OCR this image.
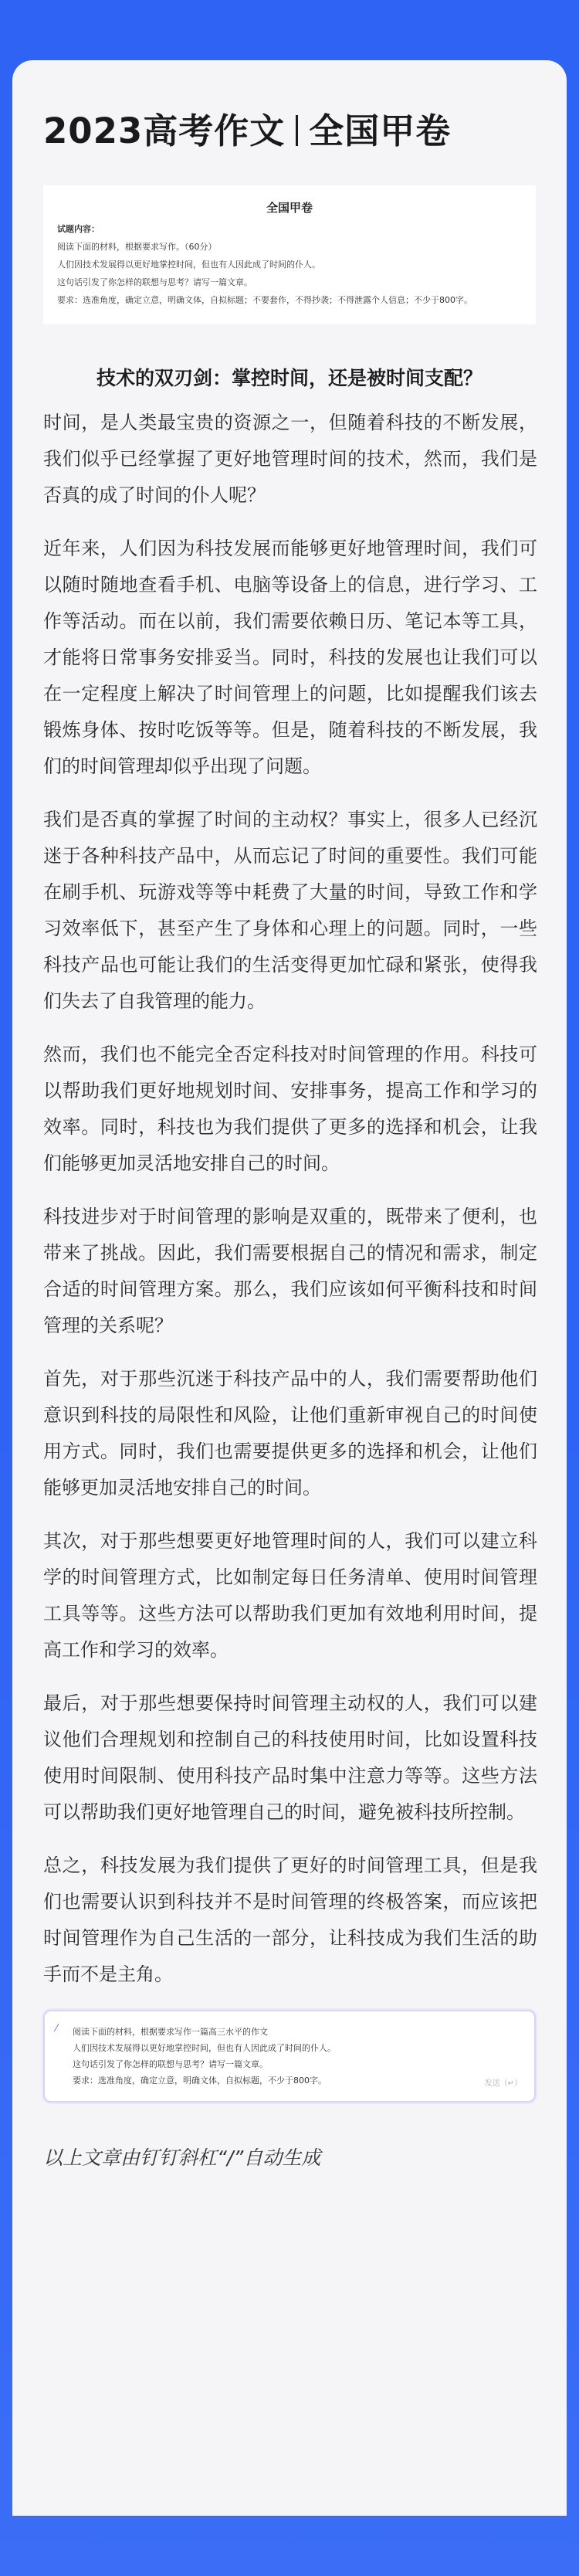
2023高考作文 全国甲卷
全国甲卷
试题内容：
阅读下面的材料，根据要求写作。（60分）
人们因技术发展得以更好地掌控时间，但也有人因此成了时间的仆人。
这句话引发了你怎样的联想与思考？请写一篇文章。
要求：选准角度，确定立意，明确文体，自拟标题；不要套作，不得抄袭；不得泄露个人信息；不少于800字。
技术的双刃剑：掌控时间，还是被时间支配？

时间，是人类最宝贵的资源之一，但随着科技的不断发展，我们似乎已经掌握了更好地管理时间的技术，然而，我们是否真的成了时间的仆人呢？

近年来，人们因为科技发展而能够更好地管理时间，我们可以随时随地查看手机、电脑等设备上的信息，进行学习、工作等活动。而在以前，我们需要依赖日历、笔记本等工具，才能将日常事务安排妥当。同时，科技的发展也让我们可以在一定程度上解决了时间管理上的问题，比如提醒我们该去锻炼身体、按时吃饭等等。但是，随着科技的不断发展，我们的时间管理却似乎出现了问题。

我们是否真的掌握了时间的主动权？事实上，很多人已经沉迷于各种科技产品中，从而忘记了时间的重要性。我们可能在刷手机、玩游戏等等中耗费了大量的时间，导致工作和学习效率低下，甚至产生了身体和心理上的问题。同时，一些科技产品也可能让我们的生活变得更加忙碌和紧张，使得我们失去了自我管理的能力。

然而，我们也不能完全否定科技对时间管理的作用。科技可以帮助我们更好地规划时间、安排事务，提高工作和学习的效率。同时，科技也为我们提供了更多的选择和机会，让我们能够更加灵活地安排自己的时间。

科技进步对于时间管理的影响是双重的，既带来了便利，也带来了挑战。因此，我们需要根据自己的情况和需求，制定合适的时间管理方案。那么，我们应该如何平衡科技和时间管理的关系呢？

首先，对于那些沉迷于科技产品中的人，我们需要帮助他们意识到科技的局限性和风险，让他们重新审视自己的时间使用方式。同时，我们也需要提供更多的选择和机会，让他们能够更加灵活地安排自己的时间。

其次，对于那些想要更好地管理时间的人，我们可以建立科学的时间管理方式，比如制定每日任务清单、使用时间管理工具等等。这些方法可以帮助我们更加有效地利用时间，提高工作和学习的效率。

最后，对于那些想要保持时间管理主动权的人，我们可以建议他们合理规划和控制自己的科技使用时间，比如设置科技使用时间限制、使用科技产品时集中注意力等等。这些方法可以帮助我们更好地管理自己的时间，避免被科技所控制。

总之，科技发展为我们提供了更好的时间管理工具，但是我们也需要认识到科技并不是时间管理的终极答案，而应该把时间管理作为自己生活的一部分，让科技成为我们生活的助手而不是主角。

⁄	阅读下面的材料，根据要求写作一篇高三水平的作文
人们因技术发展得以更好地掌控时间，但也有人因此成了时间的仆人。
这句话引发了你怎样的联想与思考？请写一篇文章。
要求：选准角度，确定立意，明确文体，自拟标题，不少于800字。	发送（↵）
以上文章由钉钉斜杠“/”自动生成
